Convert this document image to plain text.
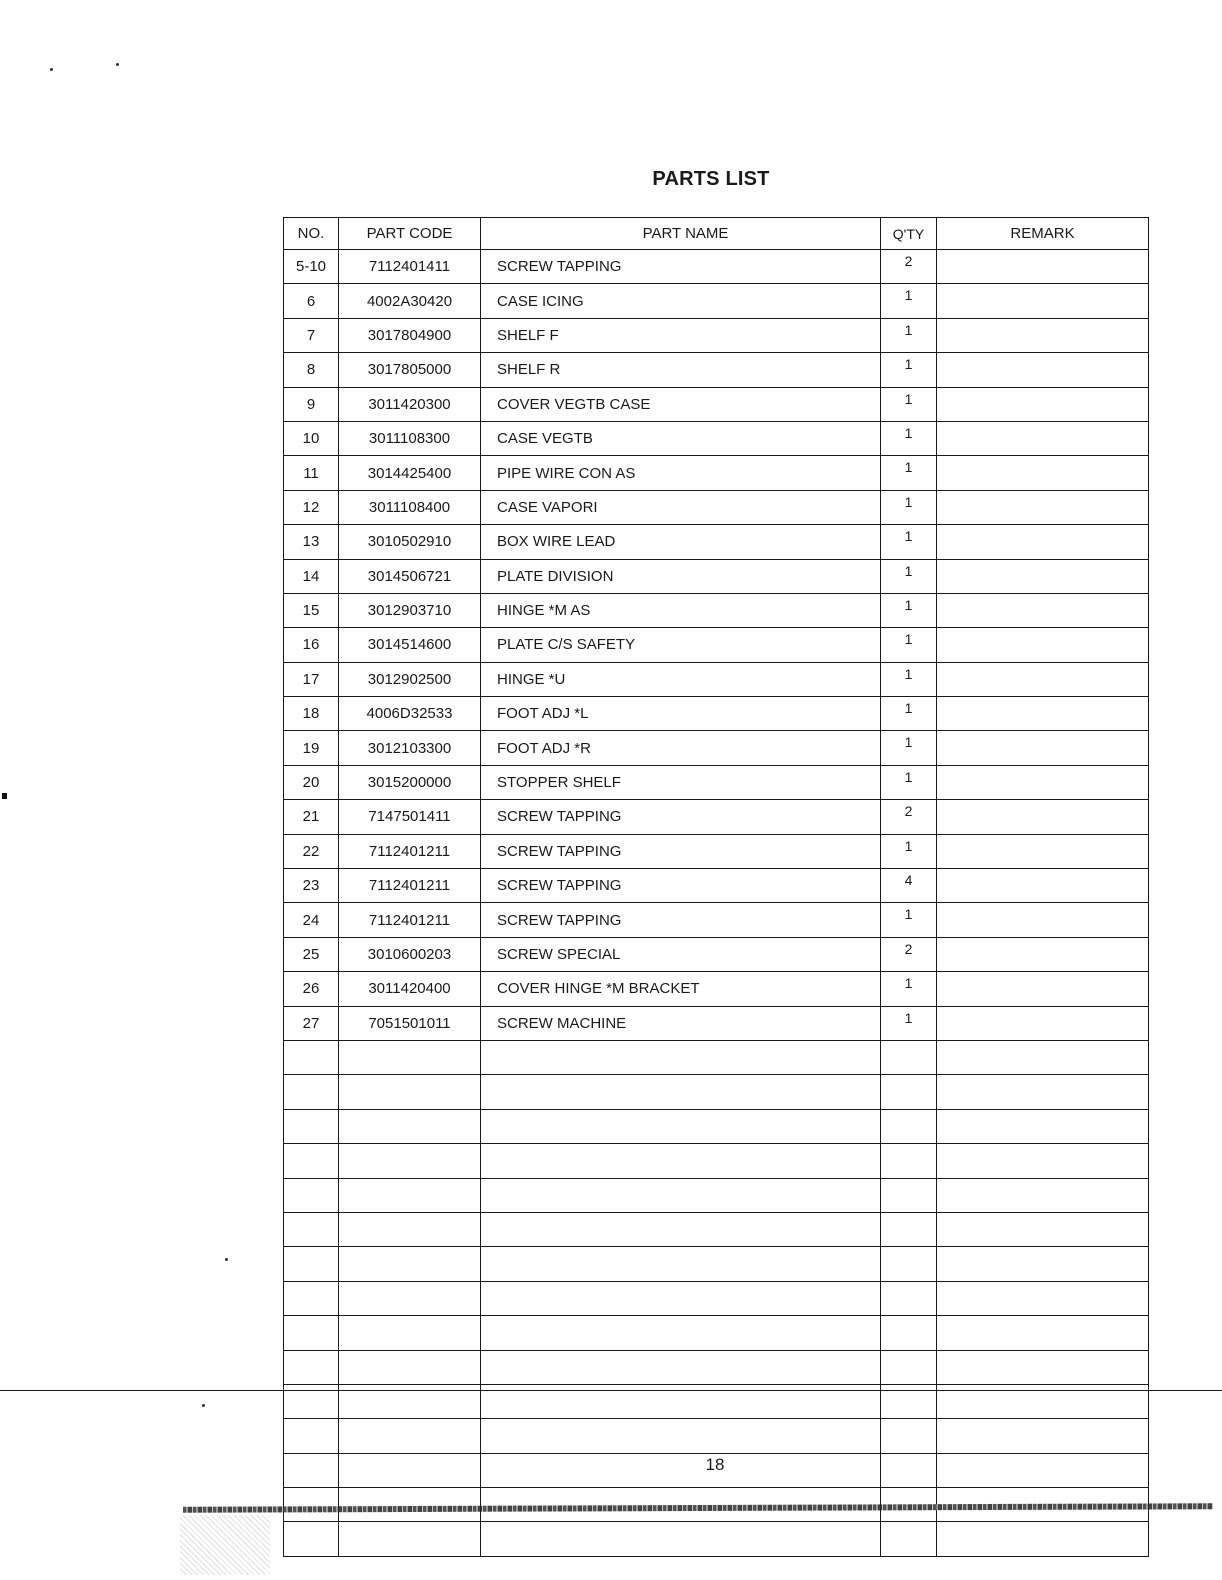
PARTS LIST
NO.	PART CODE	PART NAME	Q'TY	REMARK
5-10	7112401411	SCREW TAPPING	2	
6	4002A30420	CASE ICING	1	
7	3017804900	SHELF F	1	
8	3017805000	SHELF R	1	
9	3011420300	COVER VEGTB CASE	1	
10	3011108300	CASE VEGTB	1	
11	3014425400	PIPE WIRE CON AS	1	
12	3011108400	CASE VAPORI	1	
13	3010502910	BOX WIRE LEAD	1	
14	3014506721	PLATE DIVISION	1	
15	3012903710	HINGE *M AS	1	
16	3014514600	PLATE C/S SAFETY	1	
17	3012902500	HINGE *U	1	
18	4006D32533	FOOT ADJ *L	1	
19	3012103300	FOOT ADJ *R	1	
20	3015200000	STOPPER SHELF	1	
21	7147501411	SCREW TAPPING	2	
22	7112401211	SCREW TAPPING	1	
23	7112401211	SCREW TAPPING	4	
24	7112401211	SCREW TAPPING	1	
25	3010600203	SCREW SPECIAL	2	
26	3011420400	COVER HINGE *M BRACKET	1	
27	7051501011	SCREW MACHINE	1	

18
